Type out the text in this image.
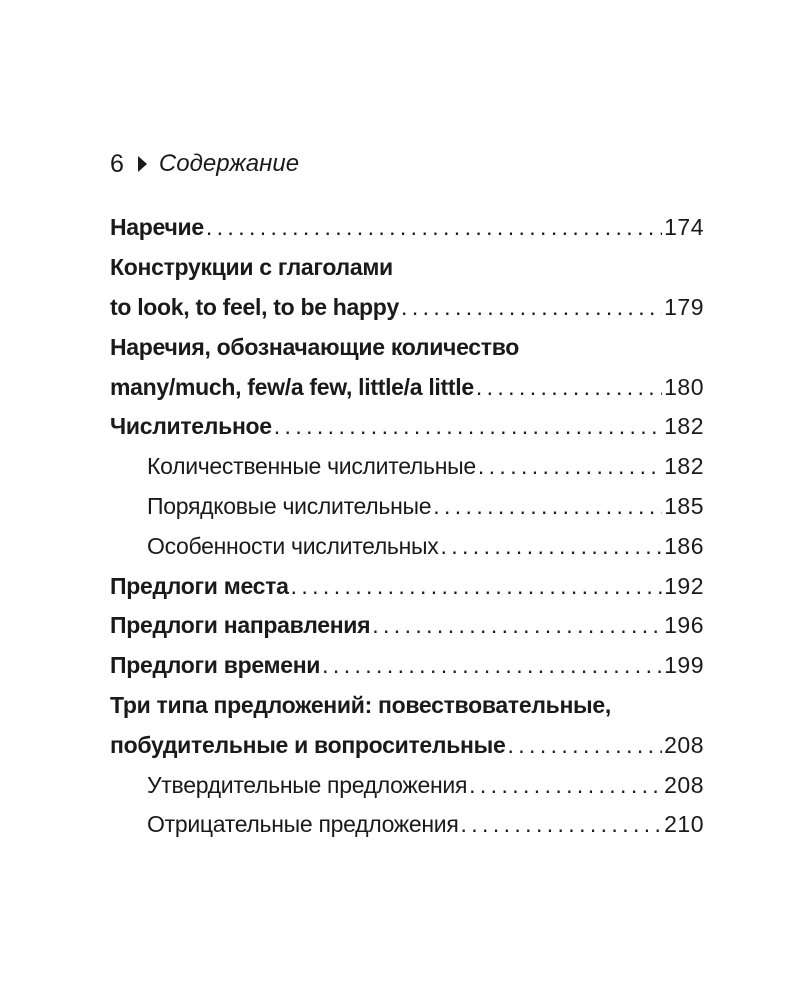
6 Содержание
Наречие . . .	174
Конструкции с глаголами
to look, to feel, to be happy . . .	179
Наречия, обозначающие количество
many/much, few/a few, little/a little . . .	180
Числительное . . .	182
Количественные числительные . . .	182
Порядковые числительные . . .	185
Особенности числительных . . .	186
Предлоги места . . .	192
Предлоги направления . . .	196
Предлоги времени . . .	199
Три типа предложений: повествовательные,
побудительные и вопросительные . . .	208
Утвердительные предложения . . .	208
Отрицательные предложения . . .	210
